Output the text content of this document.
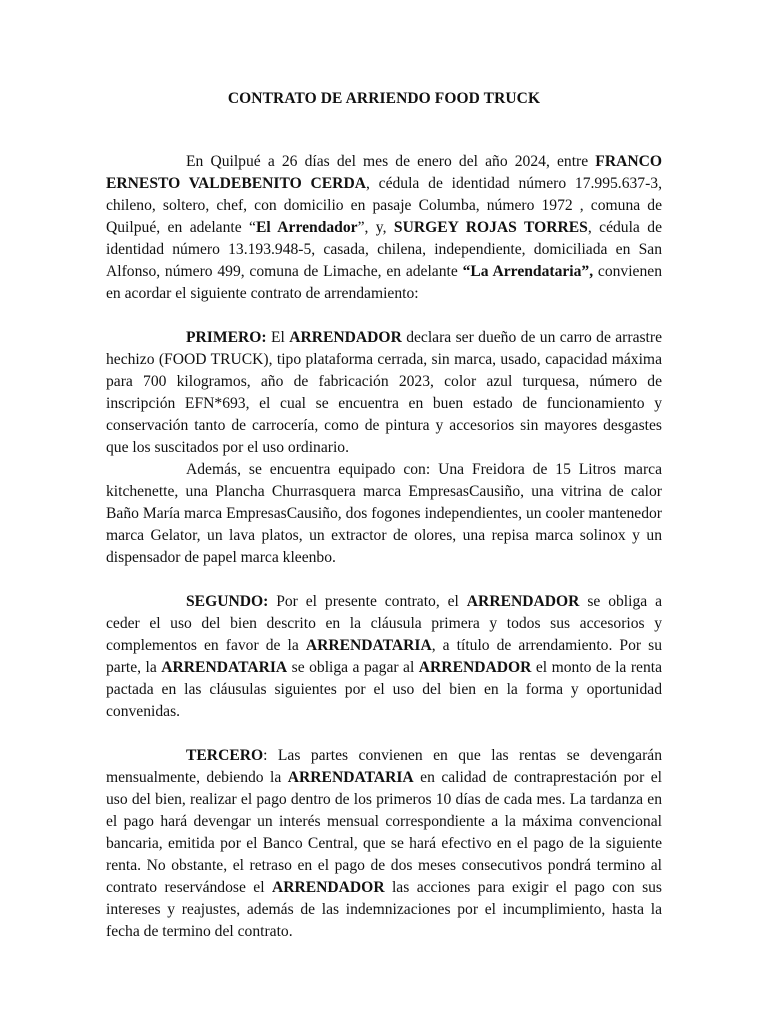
CONTRATO DE ARRIENDO FOOD TRUCK

En Quilpué a 26 días del mes de enero del año 2024, entre FRANCO ERNESTO VALDEBENITO CERDA, cédula de identidad número 17.995.637-3, chileno, soltero, chef, con domicilio en pasaje Columba, número 1972 , comuna de Quilpué, en adelante “El Arrendador”, y, SURGEY ROJAS TORRES, cédula de identidad número 13.193.948-5, casada, chilena, independiente, domiciliada en San Alfonso, número 499, comuna de Limache, en adelante “La Arrendataria”, convienen en acordar el siguiente contrato de arrendamiento:

PRIMERO: El ARRENDADOR declara ser dueño de un carro de arrastre hechizo (FOOD TRUCK), tipo plataforma cerrada, sin marca, usado, capacidad máxima para 700 kilogramos, año de fabricación 2023, color azul turquesa, número de inscripción EFN*693, el cual se encuentra en buen estado de funcionamiento y conservación tanto de carrocería, como de pintura y accesorios sin mayores desgastes que los suscitados por el uso ordinario.

Además, se encuentra equipado con: Una Freidora de 15 Litros marca kitchenette, una Plancha Churrasquera marca EmpresasCausiño, una vitrina de calor Baño María marca EmpresasCausiño, dos fogones independientes, un cooler mantenedor marca Gelator, un lava platos, un extractor de olores, una repisa marca solinox y un dispensador de papel marca kleenbo.

SEGUNDO: Por el presente contrato, el ARRENDADOR se obliga a ceder el uso del bien descrito en la cláusula primera y todos sus accesorios y complementos en favor de la ARRENDATARIA, a título de arrendamiento. Por su parte, la ARRENDATARIA se obliga a pagar al ARRENDADOR el monto de la renta pactada en las cláusulas siguientes por el uso del bien en la forma y oportunidad convenidas.

TERCERO: Las partes convienen en que las rentas se devengarán mensualmente, debiendo la ARRENDATARIA en calidad de contraprestación por el uso del bien, realizar el pago dentro de los primeros 10 días de cada mes. La tardanza en el pago hará devengar un interés mensual correspondiente a la máxima convencional bancaria, emitida por el Banco Central, que se hará efectivo en el pago de la siguiente renta. No obstante, el retraso en el pago de dos meses consecutivos pondrá termino al contrato reservándose el ARRENDADOR las acciones para exigir el pago con sus intereses y reajustes, además de las indemnizaciones por el incumplimiento, hasta la fecha de termino del contrato.
